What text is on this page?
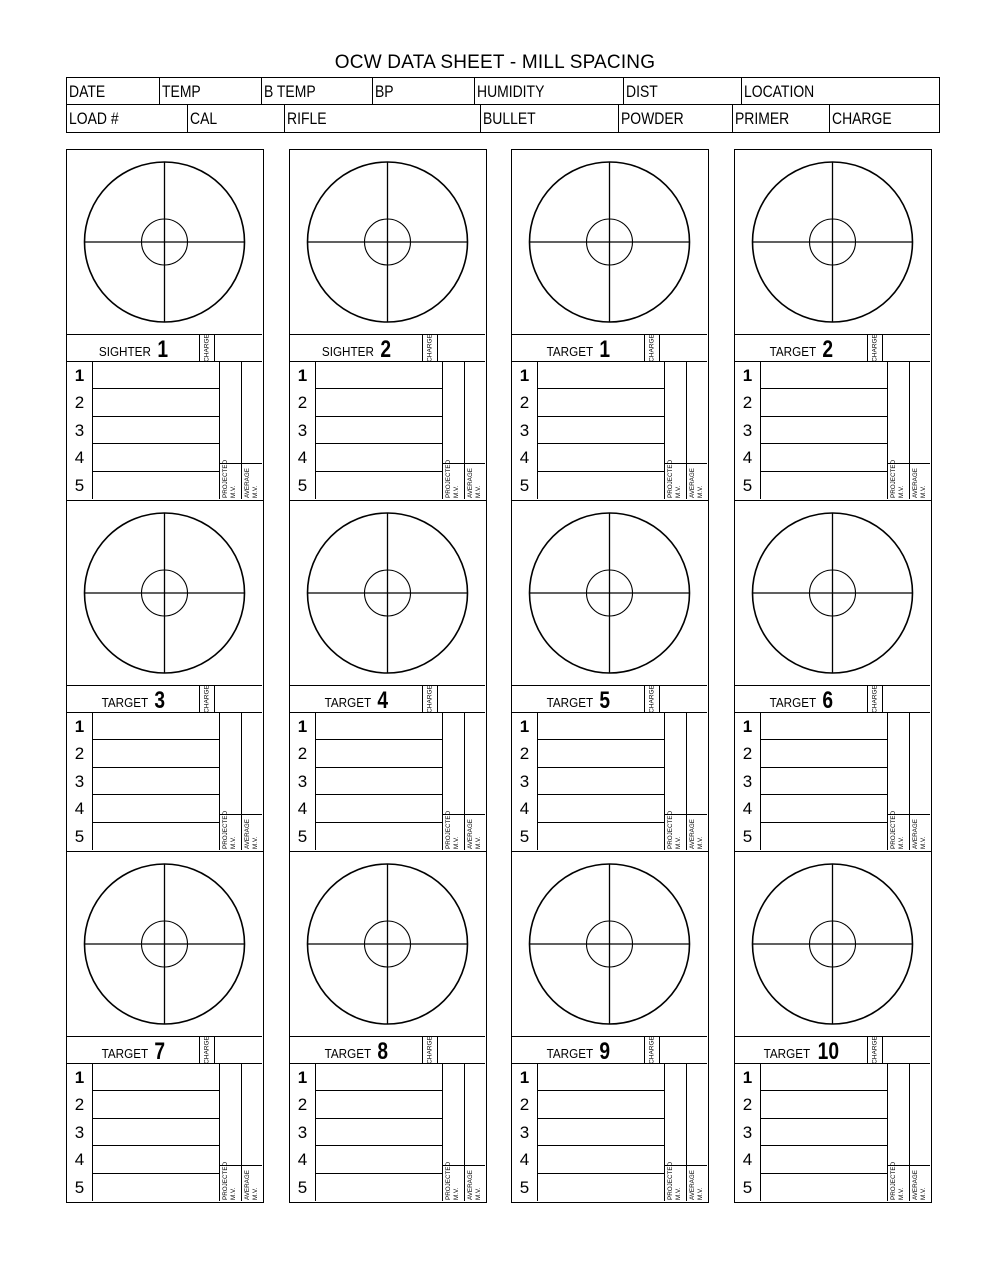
OCW DATA SHEET - MILL SPACING
DATE	TEMP	B TEMP	BP	HUMIDITY	DIST	LOCATION
LOAD #	CAL	RIFLE	BULLET	POWDER	PRIMER	CHARGE
SIGHTER 1	CHARGE
1
2
3
4
5	PROJECTED M.V. AVERAGE M.V.
SIGHTER 2	CHARGE
1
2
3
4
5	PROJECTED M.V. AVERAGE M.V.
TARGET 1	CHARGE
1
2
3
4
5	PROJECTED M.V. AVERAGE M.V.
TARGET 2	CHARGE
1
2
3
4
5	PROJECTED M.V. AVERAGE M.V.
TARGET 3	CHARGE
1
2
3
4
5	PROJECTED M.V. AVERAGE M.V.
TARGET 4	CHARGE
1
2
3
4
5	PROJECTED M.V. AVERAGE M.V.
TARGET 5	CHARGE
1
2
3
4
5	PROJECTED M.V. AVERAGE M.V.
TARGET 6	CHARGE
1
2
3
4
5	PROJECTED M.V. AVERAGE M.V.
TARGET 7	CHARGE
1
2
3
4
5	PROJECTED M.V. AVERAGE M.V.
TARGET 8	CHARGE
1
2
3
4
5	PROJECTED M.V. AVERAGE M.V.
TARGET 9	CHARGE
1
2
3
4
5	PROJECTED M.V. AVERAGE M.V.
TARGET 10	CHARGE
1
2
3
4
5	PROJECTED M.V. AVERAGE M.V.
